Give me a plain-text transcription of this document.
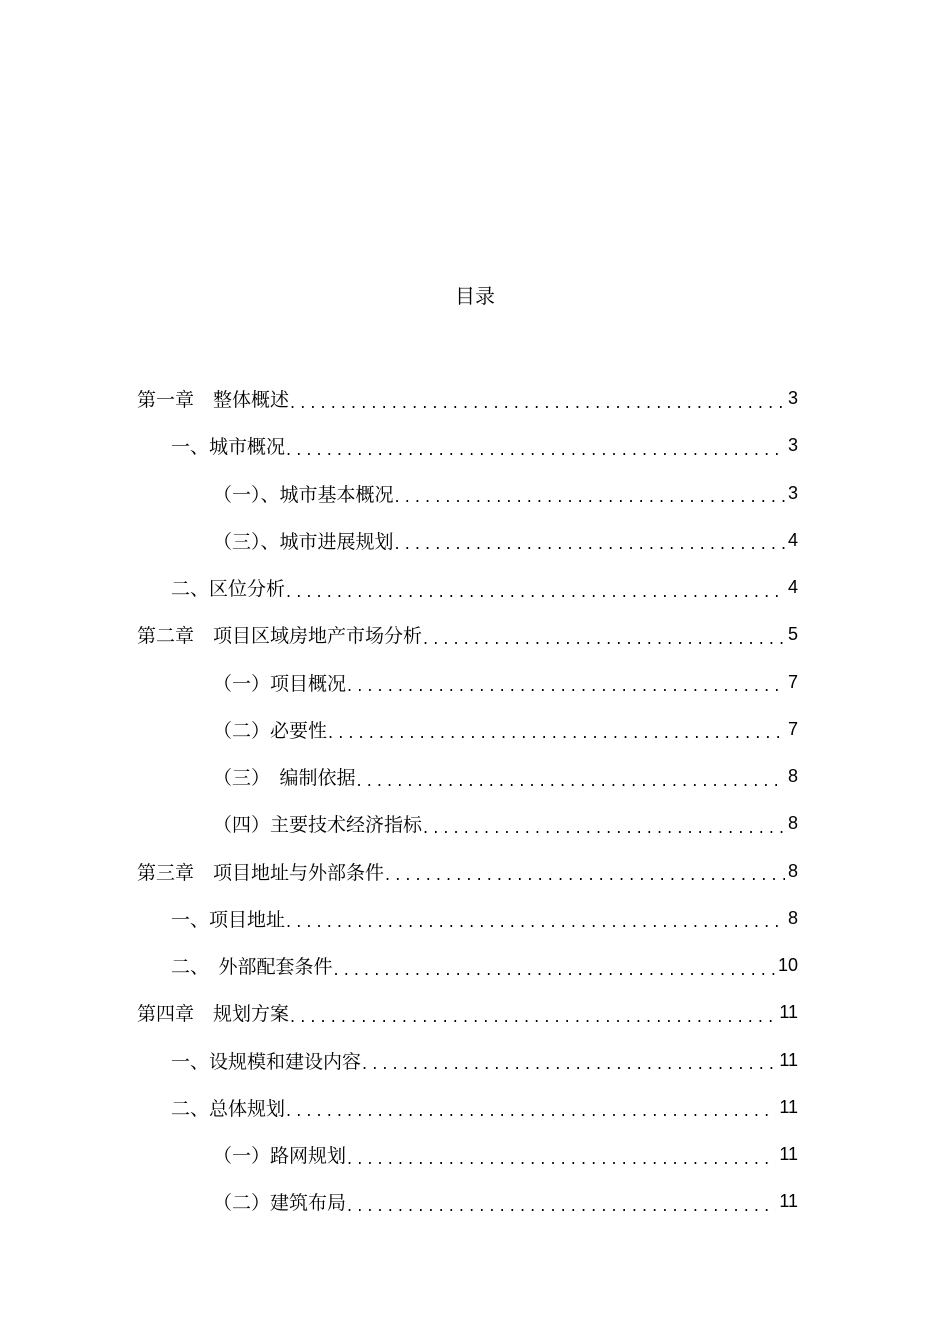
目录
第一章　整体概述 . . .	3
一、城市概况 . . .	3
（一）、城市基本概况 . . .	3
（三）、城市进展规划 . . .	4
二、区位分析 . . .	4
第二章　项目区域房地产市场分析 . . .	5
（一）项目概况 . . .	7
（二）必要性 . . .	7
（三）　编制依据 . . .	8
（四）主要技术经济指标 . . .	8
第三章　项目地址与外部条件 . . .	8
一、项目地址 . . .	8
二、　外部配套条件 . . .	10
第四章　规划方案 . . .	11
一、设规模和建设内容 . . .	11
二、总体规划 . . .	11
（一）路网规划 . . .	11
（二）建筑布局 . . .	11
